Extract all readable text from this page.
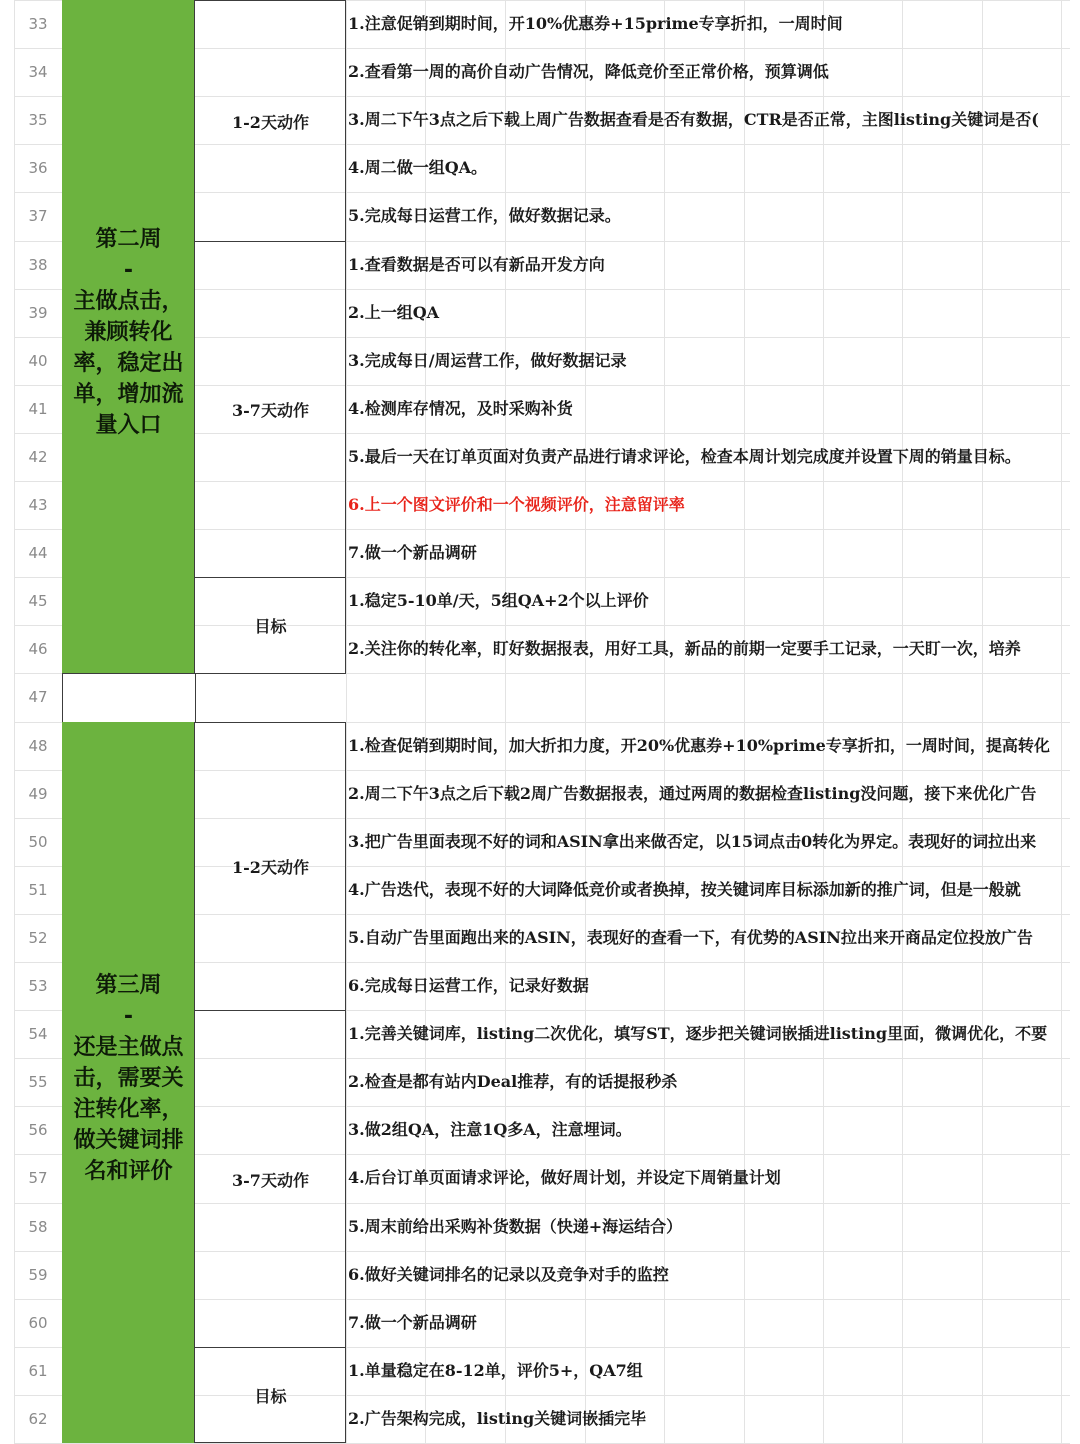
33
34
35
36
37
38
39
40
41
42
43
44
45
46
47
48
49
50
51
52
53
54
55
56
57
58
59
60
61
62
第二周
-
主做点击，
兼顾转化
率，稳定出
单，增加流
量入口
第三周
-
还是主做点
击，需要关
注转化率，
做关键词排
名和评价
1-2天动作
3-7天动作
目标
1-2天动作
3-7天动作
目标
1.注意促销到期时间，开10%优惠券+15prime专享折扣，一周时间
2.查看第一周的高价自动广告情况，降低竞价至正常价格，预算调低
3.周二下午3点之后下载上周广告数据查看是否有数据，CTR是否正常，主图listing关键词是否(
4.周二做一组QA。
5.完成每日运营工作，做好数据记录。
1.查看数据是否可以有新品开发方向
2.上一组QA
3.完成每日/周运营工作，做好数据记录
4.检测库存情况，及时采购补货
5.最后一天在订单页面对负责产品进行请求评论，检查本周计划完成度并设置下周的销量目标。
6.上一个图文评价和一个视频评价，注意留评率
7.做一个新品调研
1.稳定5-10单/天，5组QA+2个以上评价
2.关注你的转化率，盯好数据报表，用好工具，新品的前期一定要手工记录，一天盯一次，培养
1.检查促销到期时间，加大折扣力度，开20%优惠券+10%prime专享折扣，一周时间，提高转化
2.周二下午3点之后下载2周广告数据报表，通过两周的数据检查listing没问题，接下来优化广告
3.把广告里面表现不好的词和ASIN拿出来做否定，以15词点击0转化为界定。表现好的词拉出来
4.广告迭代，表现不好的大词降低竞价或者换掉，按关键词库目标添加新的推广词，但是一般就
5.自动广告里面跑出来的ASIN，表现好的查看一下，有优势的ASIN拉出来开商品定位投放广告
6.完成每日运营工作，记录好数据
1.完善关键词库，listing二次优化，填写ST，逐步把关键词嵌插进listing里面，微调优化，不要
2.检查是都有站内Deal推荐，有的话提报秒杀
3.做2组QA，注意1Q多A，注意埋词。
4.后台订单页面请求评论，做好周计划，并设定下周销量计划
5.周末前给出采购补货数据（快递+海运结合）
6.做好关键词排名的记录以及竞争对手的监控
7.做一个新品调研
1.单量稳定在8-12单，评价5+，QA7组
2.广告架构完成，listing关键词嵌插完毕
